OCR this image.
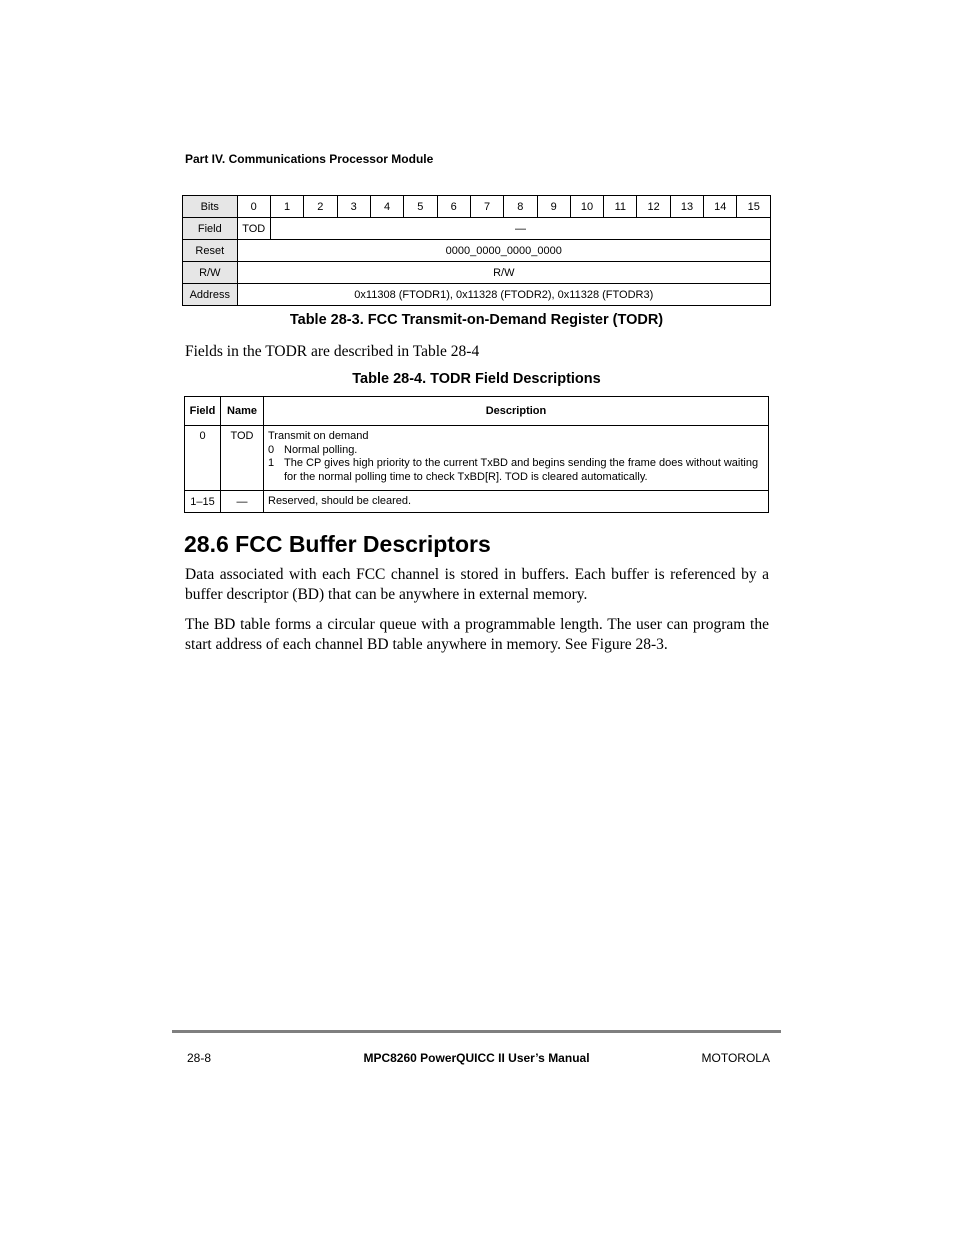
Part IV. Communications Processor Module
Bits	0	1	2	3	4	5	6	7	8	9	10	11	12	13	14	15
Field	TOD	—														
Reset	0000_0000_0000_0000															
R/W	R/W															
Address	0x11308 (FTODR1), 0x11328 (FTODR2), 0x11328 (FTODR3)															
Table 28-3. FCC Transmit-on-Demand Register (TODR)
Fields in the TODR are described in Table 28-4
Table 28-4. TODR Field Descriptions
Field	Name	Description
0	TOD	Transmit on demand
0 Normal polling.
1 The CP gives high priority to the current TxBD and begins sending the frame does without waiting for the normal polling time to check TxBD[R]. TOD is cleared automatically.

1–15	—	Reserved, should be cleared.
28.6 FCC Buffer Descriptors
Data associated with each FCC channel is stored in buffers. Each buffer is referenced by a buffer descriptor (BD) that can be anywhere in external memory.
The BD table forms a circular queue with a programmable length. The user can program the start address of each channel BD table anywhere in memory. See Figure 28-3.
28-8	MPC8260 PowerQUICC II User’s Manual	MOTOROLA
